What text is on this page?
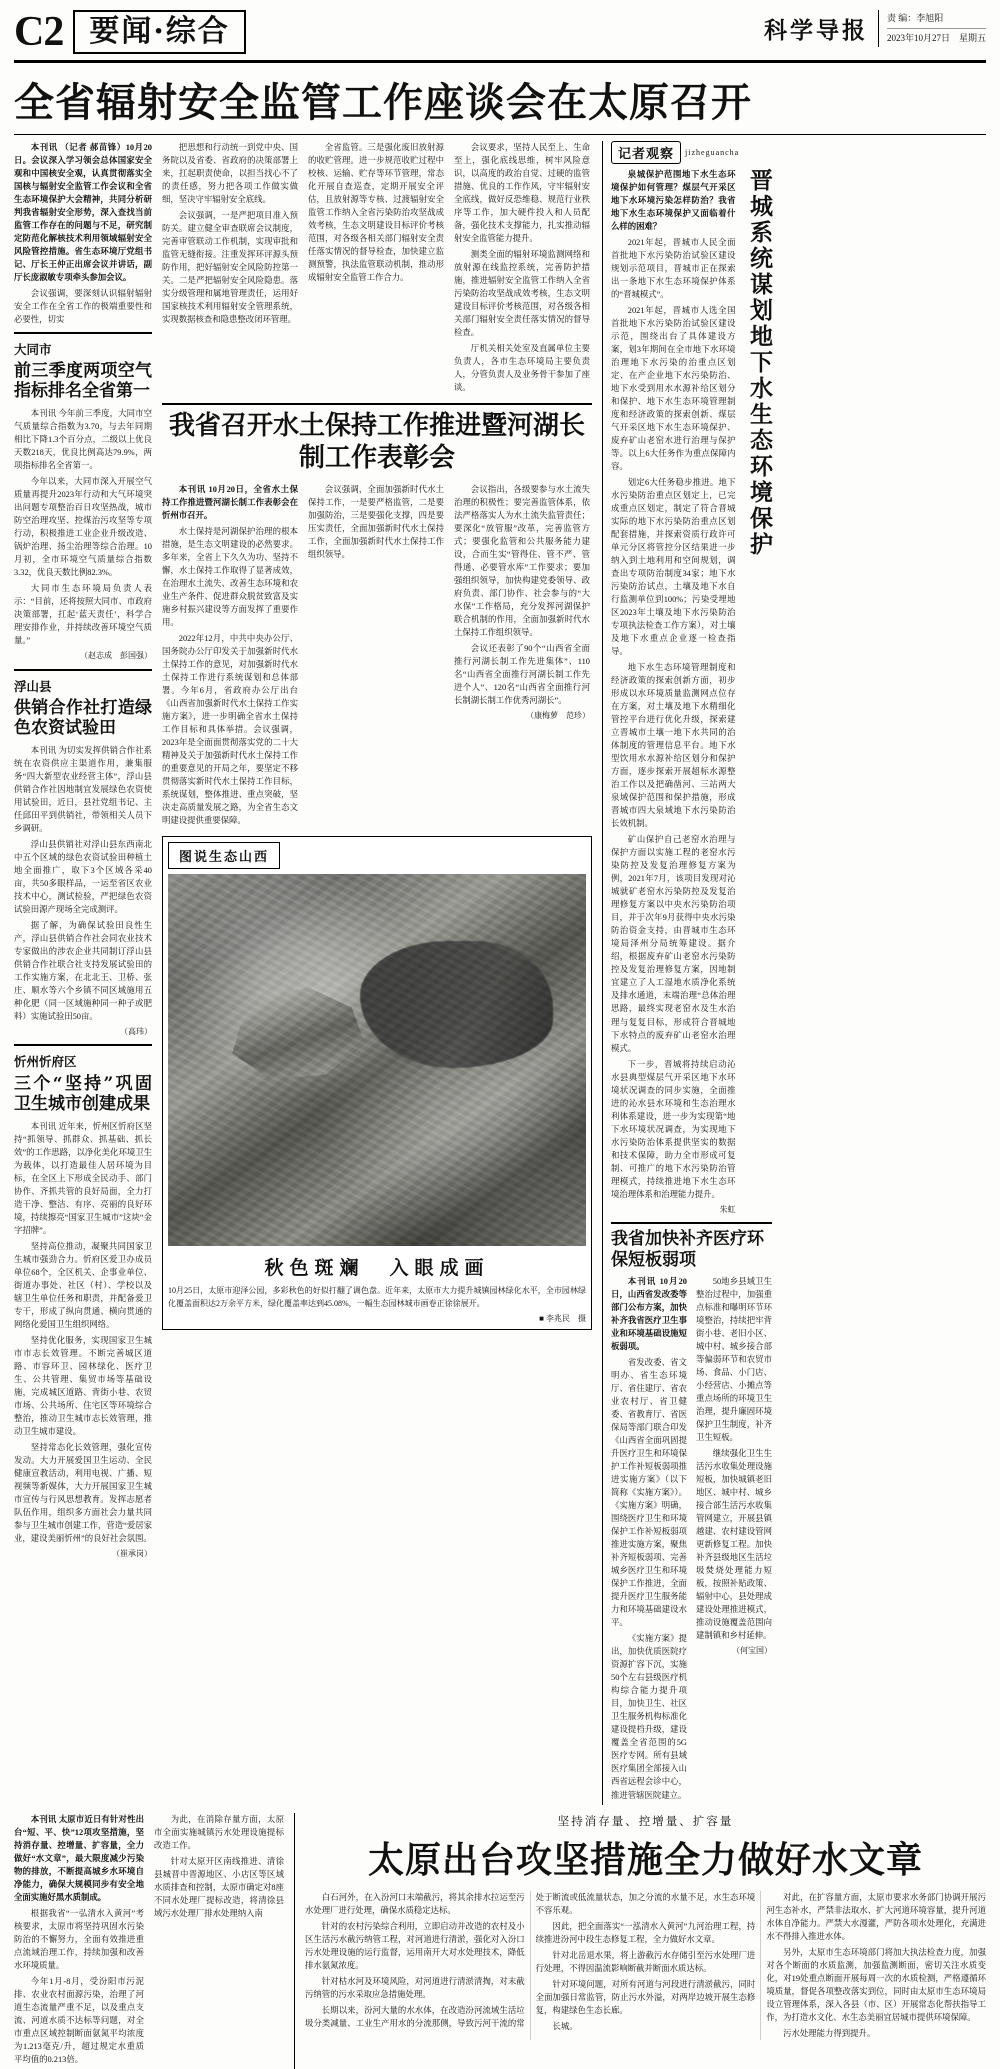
C2 要闻·综合	科学导报 责 编：李旭阳
2023年10月27日　星期五
全省辐射安全监管工作座谈会在太原召开

本刊讯 （记者 郝苗锋）10月20日。会议深入学习领会总体国家安全观和中国核安全观，认真贯彻落实全国核与辐射安全监管工作会议和全省生态环境保护大会精神，共同分析研判我省辐射安全形势，深入查找当前监管工作存在的问题与不足，研究制定防范化解核技术利用领域辐射安全风险管控措施。省生态环境厅党组书记、厅长王仲正出席会议并讲话，副厅长庞淑敏专项牵头参加会议。

会议强调，要深刻认识辐射辐射安全工作在全省工作的极端重要性和必要性，切实

大同市
前三季度两项空气指标排名全省第一

本刊讯 今年前三季度，大同市空气质量综合指数为3.70，与去年同期相比下降1.3个百分点，二级以上优良天数218天，优良比例高达79.9%，两项指标排名全省第一。

今年以来，大同市深入开展空气质量再提升2023年行动和大气环境突出问题专项整治百日攻坚热战，城市防空治理攻坚、控煤治污攻坚等专项行动，积极推进工业企业升级改造、锅炉治理、扬尘治理等综合治理。10月初，全市环境空气质量综合指数3.32，优良天数比例82.3%。

大同市生态环境局负责人表示：“目前，还将按照大同市、市政府决策部署，扛起‘蓝天责任’，科学合理安排作业，并持续改善环境空气质量。”

（赵志成　彭国强）
浮山县
供销合作社打造绿色农资试验田

本刊讯 为切实发挥供销合作社系统在农资供应主渠道作用，兼集服务“四大新型农业经营主体”，浮山县供销合作社因地制宜发展绿色农资使用试验田，近日，县社党组书记、主任邱田平到供销社，带领相关人员下乡调研。

浮山县供销社对浮山县东西南北中五个区域的绿色农资试验田种植土地全面推广，取下3个区域各采40亩，共50多眼样品，一运至省区农业技术中心，测试检验，严把绿色农资试验田源产现场全完成测评。

据了解，为确保试验田良性生产，浮山县供销合作社会同农业技术专家做出的涉农企业共同制订浮山县供销合作社联合社支持发展试验田的工作实施方案，在北北王、卫桥、张庄、顺水等六个乡镇不同区域施用五种化肥（同一区域施种同一种子或肥料）实施试验田50亩。

（高玮）
忻州忻府区
三个“坚持”巩固卫生城市创建成果

本刊讯 近年来，忻州区忻府区坚持“抓领导、抓群众、抓基础、抓长效”的工作思路，以净化美化环境卫生为载体，以打造最佳人居环境为目标，在全区上下形成全民动手、部门协作、齐抓共管的良好局面，全力打造干净、整洁、有序、亮丽的良好环境，持续擦亮“国家卫生城市”这块“金字招牌”。

坚持高位推动，凝聚共同国家卫生城市强劲合力。忻府区爱卫办成员单位68个，全区机关、企事业单位、街道办事处、社区（村）、学校以及辖卫生单位任务和职责，并配备爱卫专干，形成了纵向贯通、横向贯通的网络化爱国卫生组织网络。

坚持优化服务，实现国家卫生城市市志长效管理。不断完善城区道路、市容环卫、园林绿化、医疗卫生、公共管理、集贸市场等基础设施，完成城区道路、背街小巷、农贸市场、公共场所、住宅区等环境综合整治，推动卫生城市志长效管理，推动卫生城市建设。

坚持常态化长效管理，强化宣传发动。大力开展爱国卫生运动、全民健康宣教活动，利用电视、广播、短视频等新媒体，大力开展国家卫生城市宣传与行风思想教育。发挥志愿者队伍作用，组织多方面社会力量共同参与卫生城市创建工作，营造“爱居家业，建设美丽忻州”的良好社会氛围。

（崔承岗）

把思想和行动统一到党中央、国务院以及省委、省政府的决策部署上来，扛起职责使命，以担当找心不了的责任感，努力把各项工作做实做细，坚决守牢辐射安全底线。

会议强调，一是严把项目准入预防关。建立健全审查联席会议制度，完善审管联动工作机制，实现审批和监管无缝衔接。注重发挥环评源头预防作用，把好辐射安全风险防控第一关。二是严把辐射安全风险隐患。落实分级管理和属地管理责任，运用好国家核技术利用辐射安全管理系统，实现数据核查和隐患整改闭环管理。

全省监管。三是强化废旧放射源的收贮管理。进一步规范收贮过程中校核、运输、贮存等环节管理，常态化开展自查巡查，定期开展安全评估，且放射源等专核、过渡辐射安全监管工作纳入全省污染防治攻坚战成效考核，生态文明建设目标评价考核范围，对各级各相关部门辐射安全责任落实情况的督导检查，加快建立监测预警，执法监管联动机制，推动形成辐射安全监管工作合力。

会议要求，坚持人民至上、生命至上，强化底线思维，树牢风险意识，以高度的政治自觉、过硬的监管措施、优良的工作作风，守牢辐射安全底线，做好反恐维稳、规范行业秩序等工作，加大硬件投入和人员配备，强化技术支撑能力，扎实推动辐射安全监管能力提升。

测类全面的辐射环境监测网络和放射源在线监控系统，完善防护措施，推进辐射安全监管工作纳入全省污染防治攻坚战成效考核，生态文明建设目标评价考核范围，对各级各相关部门辐射安全责任落实情况的督导检查。

厅机关相关处室及直属单位主要负责人，各市生态环境局主要负责人，分管负责人及业务骨干参加了座谈。

我省召开水土保持工作推进暨河湖长制工作表彰会

本刊讯 10月20日，全省水土保持工作推进暨河湖长制工作表彰会在忻州市召开。

水土保持是河湖保护治理的根本措施，是生态文明建设的必然要求。多年来，全省上下久久为功、坚持不懈，水土保持工作取得了显著成效，在治理水土流失、改善生态环境和农业生产条件、促进群众脱贫致富及实施乡村振兴建设等方面发挥了重要作用。

2022年12月，中共中央办公厅、国务院办公厅印发关于加强新时代水土保持工作的意见，对加强新时代水土保持工作进行系统谋划和总体部署。今年6月，省政府办公厅出台《山西省加强新时代水土保持工作实施方案》，进一步明确全省水土保持工作目标和具体举措。会议强调，2023年是全面面贯彻落实党的二十大精神及关于加强新时代水土保持工作的重要意见的开局之年，要坚定不移贯彻落实新时代水土保持工作目标，系统谋划，整体推进、重点突破，坚决走高质量发展之路，为全省生态文明建设提供重要保障。

会议强调，全面加强新时代水土保持工作，一是要严格监管，二是要加强防治，三是要强化支撑，四是要压实责任，全面加强新时代水土保持工作，全面加强新时代水土保持工作组织领导。

会议指出，各级要参与水土流失治理的积极性；要完善监管体系，依法严格落实人为水土流失监管责任；要深化“放管服”改革，完善监管方式；要强化监管和公共服务能力建设，合而生实“管得住、管不严、管得通、必要管水库”工作要求；要加强组织领导，加快构建党委领导、政府负责、部门协作、社会参与的“大水保”工作格局，充分发挥河湖保护联合机制的作用，全面加强新时代水土保持工作组织领导。

会议还表彰了90个“山西省全面推行河湖长制工作先进集体”、110名“山西省全面推行河湖长制工作先进个人”、120名“山西省全面推行河长制湖长制工作优秀河湖长”。

（康梅萝　范珍）
图说生态山西
秋色斑斓　入眼成画
10月25日，太原市迎泽公园，多彩秋色的好似打翻了调色盘。近年来，太原市大力提升城镇园林绿化水平，全市园林绿化覆盖面积达2万余平方米，绿化覆盖率达到45.08%，一幅生态园林城市画卷正徐徐展开。
■ 李兆民　摄
记者观察	jizheguancha

泉城保护范围地下水生态环境保护如何管理？煤层气开采区地下水环境污染怎样防治？我省地下水生态环境保护又面临着什么样的困难？

2021年起，晋城市人民全面首批地下水污染防治试验区建设规划示范项目，晋城市正在探索出一条地下水生态环境保护体系的“晋城模式”。

2021年起，晋城市人选全国首批地下水污染防治试验区建设示范，围绕出台了具体建设方案，划3年期间在全市地下水环境治理地下水污染的治重点区划定、在产企业地下水污染防治、地下水受到用水水源补给区划分和保护、地下水生态环境管理制度和经济政策的探索创新、煤层气开采区地下水生态环境保护、废弃矿山老窑水进行治理与保护等。以上6大任务作为重点保障内容。

划定6大任务稳步推进。地下水污染防治重点区划定上，已完成重点区划定，制定了符合晋城实际的地下水污染防治重点区划配套措施，并探索资质行政许可单元分区将管控分区结果进一步纳入到土地利用和空间规划，调查出专项防治制度34家；地下水污染防治试点，土壤及地下水自行监测单位到100%；污染受埋地区2023年土壤及地下水污染防治专项执法检查工作方案），对土壤及地下水重点企业逐一检查指导。

地下水生态环境管理制度和经济政策的探索创新方面，初步形成以水环境质量监测网点位存在方案，对土壤及地下水精细化管控平台进行优化升级，探索建立晋城市土壤一地下水共同的治体制度的管理信息平台。地下水型饮用水水源补给区划分和保护方面，逐步探索开展超标水源整治工作以及把确凿河、三站两大泉域保护范围和保护措施，形成晋城市四大泉域地下水污染防治长效机制。

矿山保护自己老窑水治理与保护方面以实施工程的老窑水污染防控及发复治理修复方案为例，2021年7月，该项目发现对沁城就矿老窑水污染防控及发复治理修复方案以中央水污染防治项目，并于次年9月获得中央水污染防治资金支持，由晋城市生态环境局泽州分局统筹建设。据介绍，根据废弃矿山老窑水污染防控及发复治理修复方案，因地制宜建立了人工湿地水质净化系统及排水通道，末端治理“总体治理思路，最终实现老窑水及生水治理与复复目标，形成符合晋城地下水特点的废弃矿山老窑水治理模式。

下一步，晋城将持续启动沁水县典型煤层气开采区地下水环境状况调查的同步实施，全面推进的沁水县水环境和生态治理水利体系建设，进一步为实现第“地下水环境状况调查，为实现地下水污染防治体系提供坚实的数据和技术保障，助力全市形成可复制、可推广的地下水污染防治管理模式，持续推进地下水生态环境治理体系和治理能力提升。

朱虹
晋城系统谋划地下水生态环境保护
我省加快补齐医疗环保短板弱项

本刊讯 10月20日，山西省发改委等部门公布方案，加快补齐我省医疗卫生事业和环境基础设施短板弱项。

省发改委、省文明办、省生态环境厅、省住建厅、省农业农村厅、省卫健委、省教育厅、省医保局等部门联合印发《山西省全面巩固提升医疗卫生和环境保护工作补短板弱项推进实施方案》（以下简称《实施方案》）。《实施方案》明确，围绕医疗卫生和环境保护工作补短板弱项推进实施方案，聚焦补齐短板弱项、完善城乡医疗卫生和环境保护工作推进，全面提升医疗卫生服务能力和环境基础建设水平。

《实施方案》提出，加快优质医院疗资源扩容下沉，实施50个左右县级医疗机构综合能力提升项目，加快卫生、社区卫生服务机构标准化建设提档升级，建设覆盖全省范围的5G医疗专网。所有县域医疗集团全部接入山西省远程会诊中心，推进管辖医院建立。

50地乡县域卫生整治过程中，加强重点标准和曝明环节环境整治，持续把牢背街小巷、老旧小区、城中村、城乡接合部等偏弱环节和农贸市场、食品、小门店、小经营店、小摊点等重点场所的环境卫生治理，提升廉固环境保护卫生制度，补齐卫生短板。

继续强化卫生生活污水收集处理设施短板，加快城镇老旧地区、城中村、城乡接合部生活污水收集管网建立，开展县镇越建、农村建设管网更新修复工程。加快补齐县级地区生活垃圾焚烧处理能力短板，按照补贴政策、辐射中心，县处理成建设处理推进模式，推动设施覆盖范围向建制镇和乡村延伸。

（何宝国）

本刊讯 太原市近日有针对性出台“短、平、快”12项攻坚措施，坚持消存量、控增量、扩容量，全力做好“水文章”，最大限度减少污染物的排放，不断提高城乡水环境自净能力，确保大规模同步有安全地全面实施好黑水质制成。

根据我省“一弘清水入黄河”考核要求，太原市将坚持巩固水污染防治的不懈努力，全面有效推进重点流域治理工作，持续加强和改善水环境质量。

今年1月-8月，受汾阳市污泥排、农业农村面源污染，治理了河道生态流量严重不足，以及重点支流、河道水质不达标等问题，对全市重点区域控制断面氨氮平均浓度为1.213毫克/升，超过规定水重质平均值的0.213倍。

为此，在消除存量方面，太原市全面实施城镇污水处理设施提标改造工作。

针对太原开区南线推进、清徐县城晋中晋源地区、小店区等区域水质排查和控制，太原市确定对8座不同水处理厂提标改造，将清徐县域污水处理厂排水处理纳入南

坚持消存量、控增量、扩容量
太原出台攻坚措施全力做好水文章

白石河外，在入汾河口末端截污，将其余排水拉运至污水处理厂进行处理，确保水质稳定达标。

针对的农村污染综合利用，立即启动并改造的农村及小区生活污水截污纳管工程，对河道进行清淤，强化对入汾口污水处理设施的运行监督，运用南开大对水处理技术，降低排水氨氮浓度。

针对枯水河及环境风险，对河道进行清淤清掏，对末截污纳管的污水采取应急措施处理。

长期以来，汾河大量的水水体，在改造汾河流域生活垃圾分类减量、工业生产用水的分流那侧，导致污河干流的常处于断流或低流量状态，加之分流的水量不足，水生态环境不容乐观。

因此，把全面落实“一泓清水入黄河”九河治理工程，持续推进汾河中段生态修复工程，全力做好水文章。

针对北岳退水果，将上游截污水存储引至污水处理厂进行处理，不得因温流影响断截并断面水质达标。

针对环境问题，对所有河道与河段进行清淤截污，同时全面加强日常监管，防止污水外溢，对两岸边坡开展生态修复，构建绿色生态长廊。

长城。

对此，在扩容量方面，太原市要求水务部门协调开展污河生态补水，严禁非法取水、扩大河道环境容量，提升河道水体自净能力。严禁大水漫灌，严防各项水处理化，充满进水不得排入推进水体。

另外，太原市生态环境部门将加大执法检查力度，加强对各个断面的水质监测，加强监测断面，密切关注水质变化，对19处重点断面开展每周一次的水质检测，严格遵循环境质量，督促各项整改落实到位，同时由太原市生态环境局设立管理体系，深入各县（市、区）开展常态化帮扶指导工作，为打造水文化、水生态美丽宜居城市提供环境保障。

污水处理能力得到提升。
